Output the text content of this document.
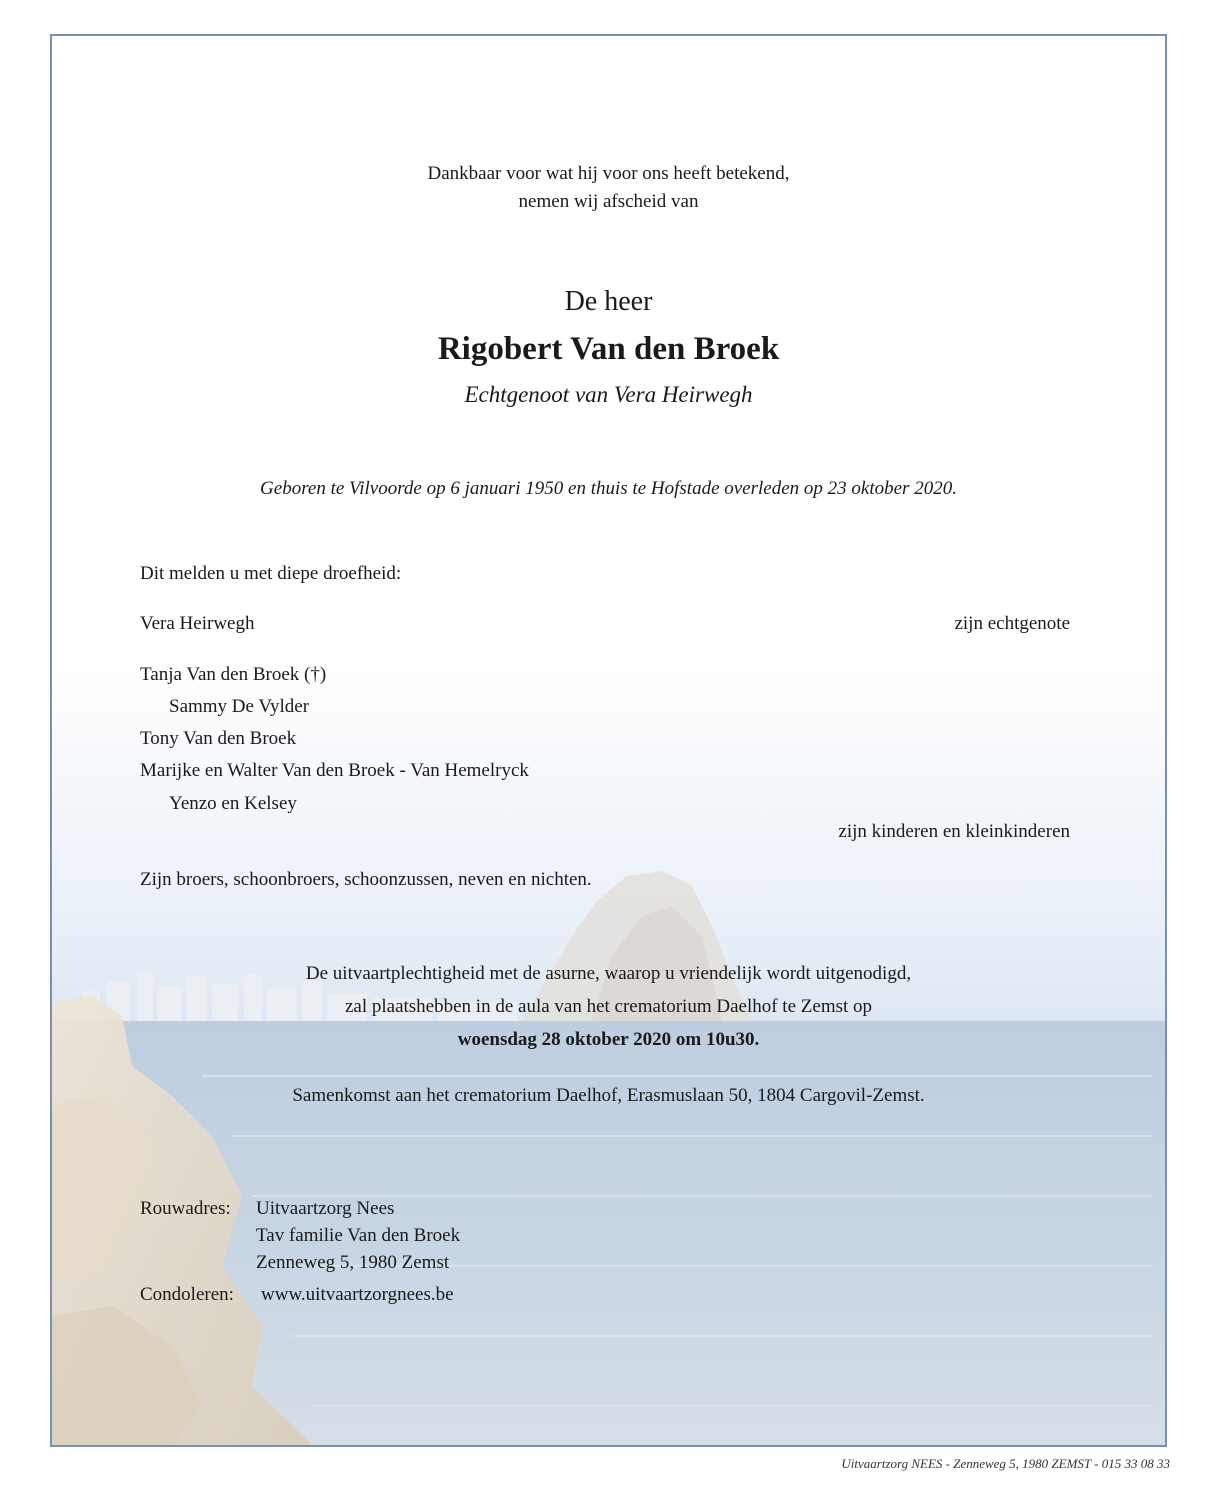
Dankbaar voor wat hij voor ons heeft betekend,
nemen wij afscheid van
De heer
Rigobert Van den Broek
Echtgenoot van Vera Heirwegh
Geboren te Vilvoorde op 6 januari 1950 en thuis te Hofstade overleden op 23 oktober 2020.
Dit melden u met diepe droefheid:
Vera Heirwegh	zijn echtgenote
Tanja Van den Broek (†)
Sammy De Vylder
Tony Van den Broek
Marijke en Walter Van den Broek - Van Hemelryck
Yenzo en Kelsey
zijn kinderen en kleinkinderen
Zijn broers, schoonbroers, schoonzussen, neven en nichten.
De uitvaartplechtigheid met de asurne, waarop u vriendelijk wordt uitgenodigd,
zal plaatshebben in de aula van het crematorium Daelhof te Zemst op
woensdag 28 oktober 2020 om 10u30.
Samenkomst aan het crematorium Daelhof, Erasmuslaan 50, 1804 Cargovil-Zemst.
Rouwadres: Uitvaartzorg Nees
Tav familie Van den Broek
Zenneweg 5, 1980 Zemst
Condoleren: www.uitvaartzorgnees.be
Uitvaartzorg NEES - Zenneweg 5, 1980 ZEMST - 015 33 08 33
